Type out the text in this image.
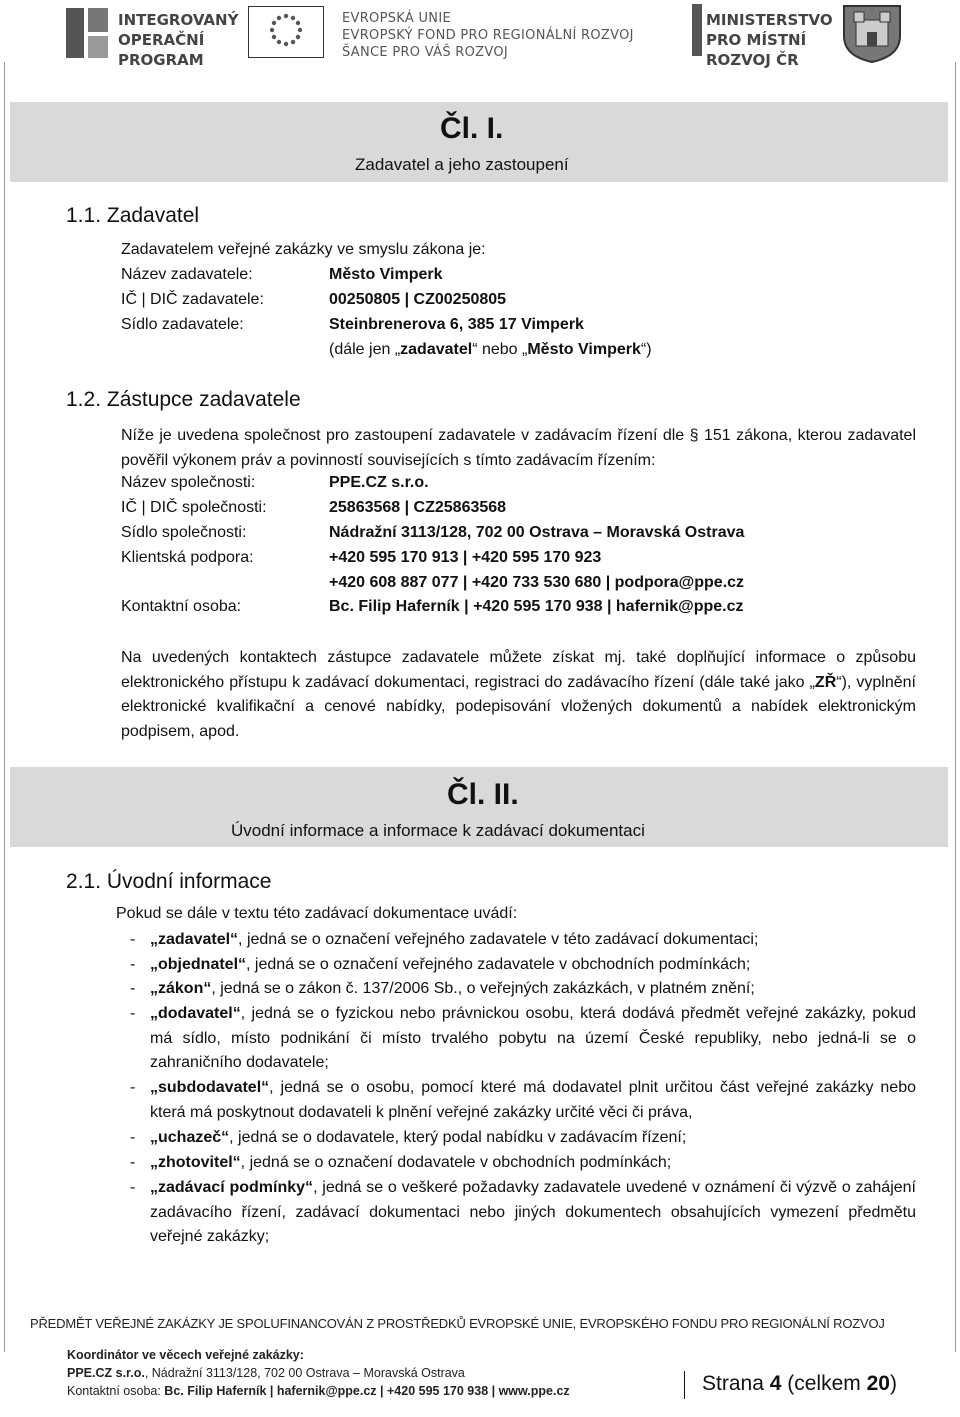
INTEGROVANÝ
OPERAČNÍ
PROGRAM
EVROPSKÁ UNIE
EVROPSKÝ FOND PRO REGIONÁLNÍ ROZVOJ
ŠANCE PRO VÁŠ ROZVOJ
MINISTERSTVO
PRO MÍSTNÍ
ROZVOJ ČR
Čl. I.
Zadavatel a jeho zastoupení
1.1. Zadavatel
Zadavatelem veřejné zakázky ve smyslu zákona je:
Název zadavatele:	Město Vimperk
IČ | DIČ zadavatele:	00250805 | CZ00250805
Sídlo zadavatele:	Steinbrenerova 6, 385 17 Vimperk
(dále jen „zadavatel“ nebo „Město Vimperk“)
1.2. Zástupce zadavatele
Níže je uvedena společnost pro zastoupení zadavatele v zadávacím řízení dle § 151 zákona, kterou zadavatel pověřil výkonem práv a povinností souvisejících s tímto zadávacím řízením:
Název společnosti:	PPE.CZ s.r.o.
IČ | DIČ společnosti:	25863568 | CZ25863568
Sídlo společnosti:	Nádražní 3113/128, 702 00 Ostrava – Moravská Ostrava
Klientská podpora:	+420 595 170 913 | +420 595 170 923
+420 608 887 077 | +420 733 530 680 | podpora@ppe.cz
Kontaktní osoba:	Bc. Filip Haferník | +420 595 170 938 | hafernik@ppe.cz
Na uvedených kontaktech zástupce zadavatele můžete získat mj. také doplňující informace o způsobu elektronického přístupu k zadávací dokumentaci, registraci do zadávacího řízení (dále také jako „ZŘ“), vyplnění elektronické kvalifikační a cenové nabídky, podepisování vložených dokumentů a nabídek elektronickým podpisem, apod.
Čl. II.
Úvodní informace a informace k zadávací dokumentaci
2.1. Úvodní informace
Pokud se dále v textu této zadávací dokumentace uvádí:
- „zadavatel“, jedná se o označení veřejného zadavatele v této zadávací dokumentaci;
- „objednatel“, jedná se o označení veřejného zadavatele v obchodních podmínkách;
- „zákon“, jedná se o zákon č. 137/2006 Sb., o veřejných zakázkách, v platném znění;
- „dodavatel“, jedná se o fyzickou nebo právnickou osobu, která dodává předmět veřejné zakázky, pokud má sídlo, místo podnikání či místo trvalého pobytu na území České republiky, nebo jedná-li se o zahraničního dodavatele;
- „subdodavatel“, jedná se o osobu, pomocí které má dodavatel plnit určitou část veřejné zakázky nebo která má poskytnout dodavateli k plnění veřejné zakázky určité věci či práva,
- „uchazeč“, jedná se o dodavatele, který podal nabídku v zadávacím řízení;
- „zhotovitel“, jedná se o označení dodavatele v obchodních podmínkách;
- „zadávací podmínky“, jedná se o veškeré požadavky zadavatele uvedené v oznámení či výzvě o zahájení zadávacího řízení, zadávací dokumentaci nebo jiných dokumentech obsahujících vymezení předmětu veřejné zakázky;
PŘEDMĚT VEŘEJNÉ ZAKÁZKY JE SPOLUFINANCOVÁN Z PROSTŘEDKŮ EVROPSKÉ UNIE, EVROPSKÉHO FONDU PRO REGIONÁLNÍ ROZVOJ
Koordinátor ve věcech veřejné zakázky:
PPE.CZ s.r.o., Nádražní 3113/128, 702 00 Ostrava – Moravská Ostrava
Kontaktní osoba: Bc. Filip Haferník | hafernik@ppe.cz | +420 595 170 938 | www.ppe.cz	Strana 4 (celkem 20)
